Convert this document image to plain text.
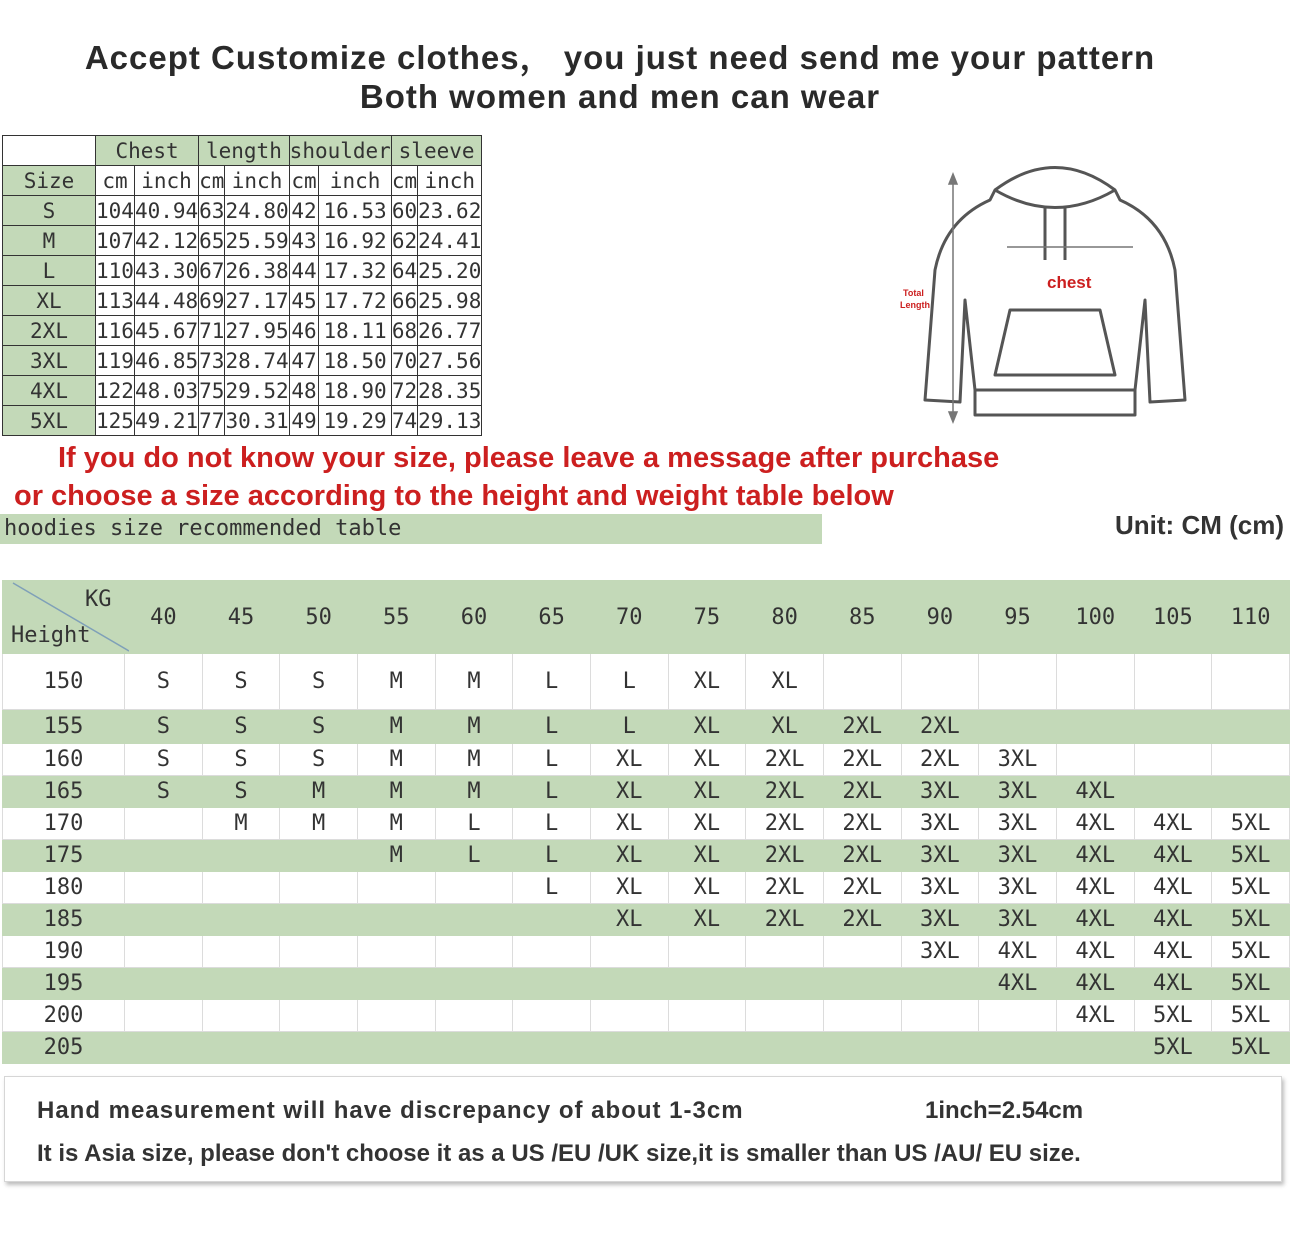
Accept Customize clothes， you just need send me your pattern
Both women and men can wear
	Chest		length		shoulder		sleeve	
Size	cm	inch	cm	inch	cm	inch	cm	inch
S	104	40.94	63	24.80	42	16.53	60	23.62
M	107	42.12	65	25.59	43	16.92	62	24.41
L	110	43.30	67	26.38	44	17.32	64	25.20
XL	113	44.48	69	27.17	45	17.72	66	25.98
2XL	116	45.67	71	27.95	46	18.11	68	26.77
3XL	119	46.85	73	28.74	47	18.50	70	27.56
4XL	122	48.03	75	29.52	48	18.90	72	28.35
5XL	125	49.21	77	30.31	49	19.29	74	29.13
chest
Total
Length
If you do not know your size, please leave a message after purchase
or choose a size according to the height and weight table below
hoodies size recommended table	Unit: CM (cm)
KG
Height	40	45	50	55	60	65	70	75	80	85	90	95	100	105	110
150	S	S	S	M	M	L	L	XL	XL						
155	S	S	S	M	M	L	L	XL	XL	2XL	2XL				
160	S	S	S	M	M	L	XL	XL	2XL	2XL	2XL	3XL			
165	S	S	M	M	M	L	XL	XL	2XL	2XL	3XL	3XL	4XL		
170		M	M	M	L	L	XL	XL	2XL	2XL	3XL	3XL	4XL	4XL	5XL
175				M	L	L	XL	XL	2XL	2XL	3XL	3XL	4XL	4XL	5XL
180						L	XL	XL	2XL	2XL	3XL	3XL	4XL	4XL	5XL
185							XL	XL	2XL	2XL	3XL	3XL	4XL	4XL	5XL
190											3XL	4XL	4XL	4XL	5XL
195												4XL	4XL	4XL	5XL
200													4XL	5XL	5XL
205														5XL	5XL
Hand measurement will have discrepancy of about 1-3cm	1inch=2.54cm
It is Asia size, please don't choose it as a US /EU /UK size,it is smaller than US /AU/ EU size.
